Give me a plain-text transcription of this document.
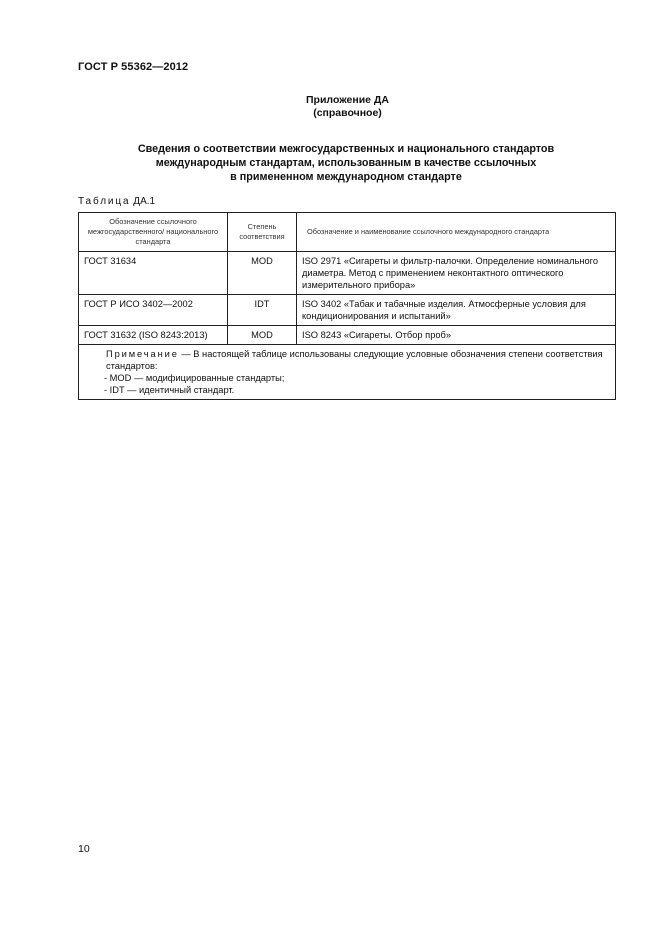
ГОСТ Р 55362—2012
Приложение ДА
(справочное)
Сведения о соответствии межгосударственных и национального стандартов
международным стандартам, использованным в качестве ссылочных
в примененном международном стандарте
Таблица ДА.1
Обозначение ссылочного межгосударственного/ национального стандарта	Степень соответствия	Обозначение и наименование ссылочного международного стандарта
ГОСТ 31634	MOD	ISO 2971 «Сигареты и фильтр-палочки. Определение номинального диаметра. Метод с применением неконтактного оптического измерительного прибора»
ГОСТ Р ИСО 3402—2002	IDT	ISO 3402 «Табак и табачные изделия. Атмосферные условия для кондиционирования и испытаний»
ГОСТ 31632 (ISO 8243:2013)	MOD	ISO 8243 «Сигареты. Отбор проб»

Примечание — В настоящей таблице использованы следующие условные обозначения степени соответствия стандартов:
- MOD — модифицированные стандарты;
- IDT — идентичный стандарт.		
10
